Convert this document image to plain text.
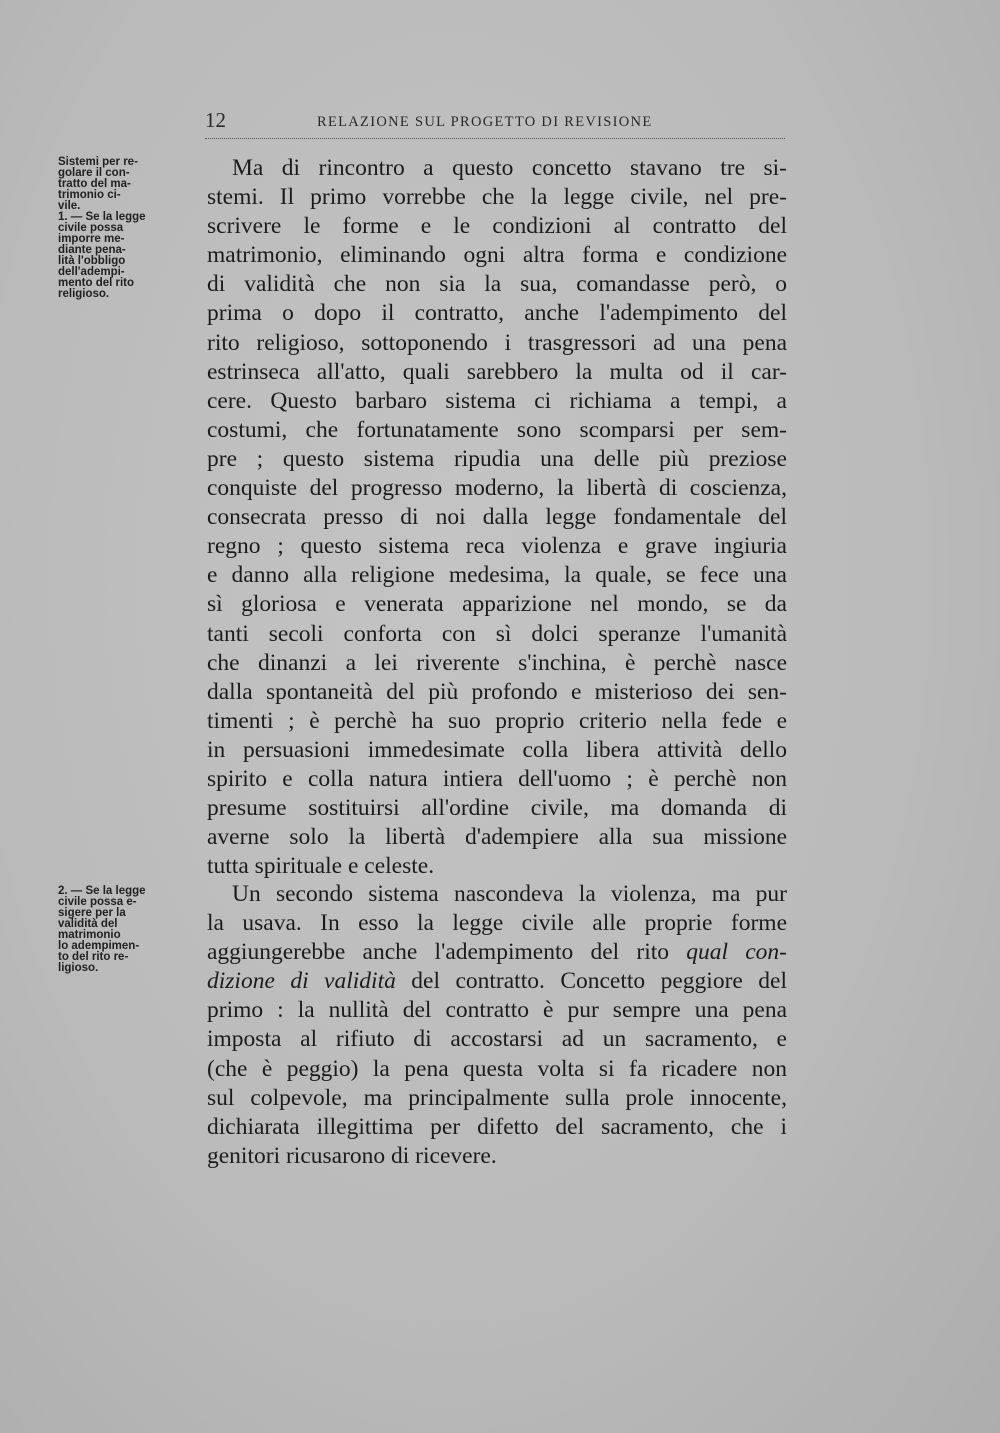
12	RELAZIONE SUL PROGETTO DI REVISIONE
Sistemi per re-
golare il con-
tratto del ma-
trimonio ci-
vile.
1. — Se la legge
civile possa
imporre me-
diante pena-
lità l'obbligo
dell'adempi-
mento del rito
religioso.
2. — Se la legge
civile possa e-
sigere per la
validità del
matrimonio
lo adempimen-
to del rito re-
ligioso.
Ma di rincontro a questo concetto stavano tre si-
stemi. Il primo vorrebbe che la legge civile, nel pre-
scrivere le forme e le condizioni al contratto del
matrimonio, eliminando ogni altra forma e condizione
di validità che non sia la sua, comandasse però, o
prima o dopo il contratto, anche l'adempimento del
rito religioso, sottoponendo i trasgressori ad una pena
estrinseca all'atto, quali sarebbero la multa od il car-
cere. Questo barbaro sistema ci richiama a tempi, a
costumi, che fortunatamente sono scomparsi per sem-
pre ; questo sistema ripudia una delle più preziose
conquiste del progresso moderno, la libertà di coscienza,
consecrata presso di noi dalla legge fondamentale del
regno ; questo sistema reca violenza e grave ingiuria
e danno alla religione medesima, la quale, se fece una
sì gloriosa e venerata apparizione nel mondo, se da
tanti secoli conforta con sì dolci speranze l'umanità
che dinanzi a lei riverente s'inchina, è perchè nasce
dalla spontaneità del più profondo e misterioso dei sen-
timenti ; è perchè ha suo proprio criterio nella fede e
in persuasioni immedesimate colla libera attività dello
spirito e colla natura intiera dell'uomo ; è perchè non
presume sostituirsi all'ordine civile, ma domanda di
averne solo la libertà d'adempiere alla sua missione
tutta spirituale e celeste.
Un secondo sistema nascondeva la violenza, ma pur
la usava. In esso la legge civile alle proprie forme
aggiungerebbe anche l'adempimento del rito qual con-
dizione di validità del contratto. Concetto peggiore del
primo : la nullità del contratto è pur sempre una pena
imposta al rifiuto di accostarsi ad un sacramento, e
(che è peggio) la pena questa volta si fa ricadere non
sul colpevole, ma principalmente sulla prole innocente,
dichiarata illegittima per difetto del sacramento, che i
genitori ricusarono di ricevere.
